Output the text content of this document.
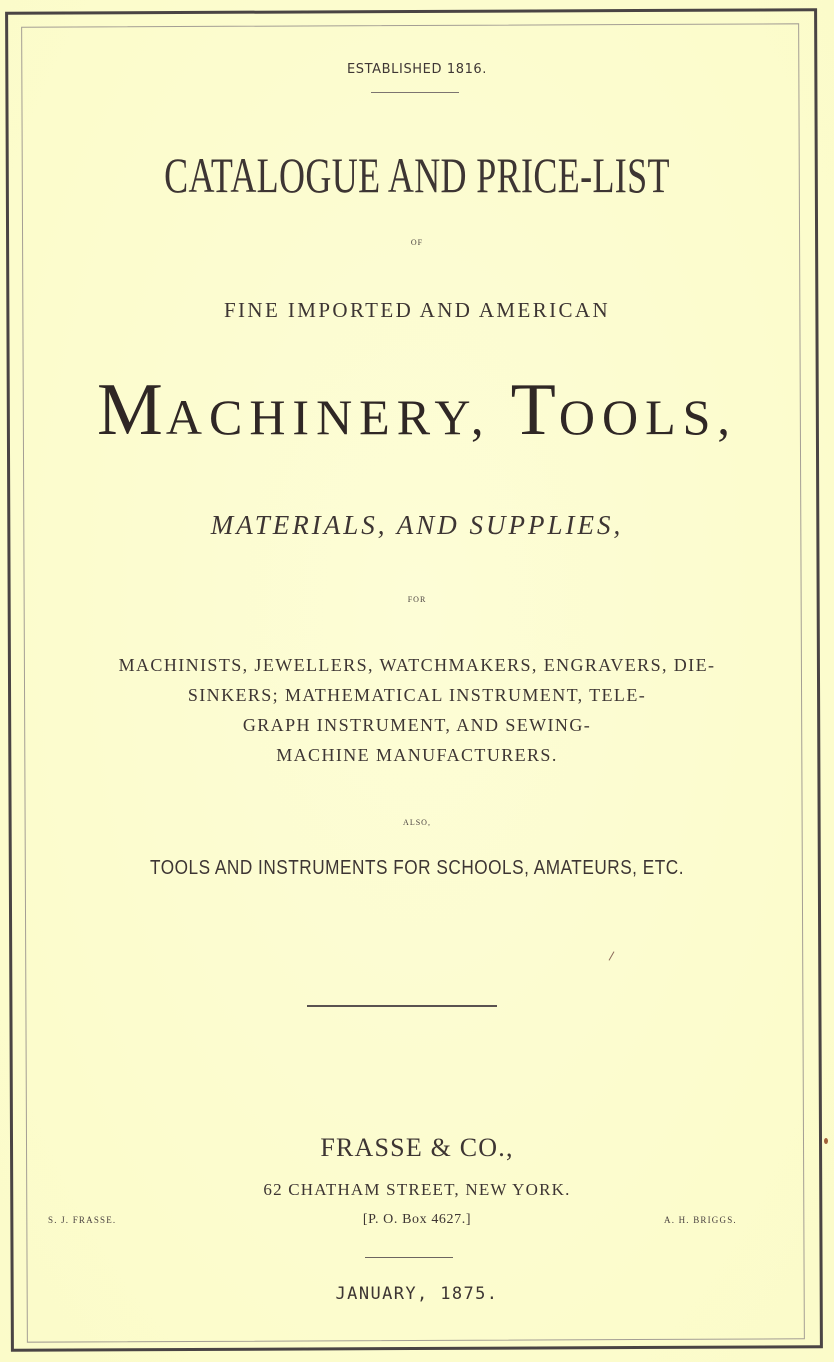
ESTABLISHED 1816.
CATALOGUE AND PRICE-LIST
OF
FINE IMPORTED AND AMERICAN
MACHINERY, TOOLS,
MATERIALS, AND SUPPLIES,
FOR
MACHINISTS, JEWELLERS, WATCHMAKERS, ENGRAVERS, DIE-
SINKERS; MATHEMATICAL INSTRUMENT, TELE-
GRAPH INSTRUMENT, AND SEWING-
MACHINE MANUFACTURERS.
ALSO,
TOOLS AND INSTRUMENTS FOR SCHOOLS, AMATEURS, ETC.
FRASSE & CO.,
62 CHATHAM STREET, NEW YORK.
[P. O. Box 4627.]
S. J. FRASSE.	A. H. BRIGGS.
JANUARY, 1875.
